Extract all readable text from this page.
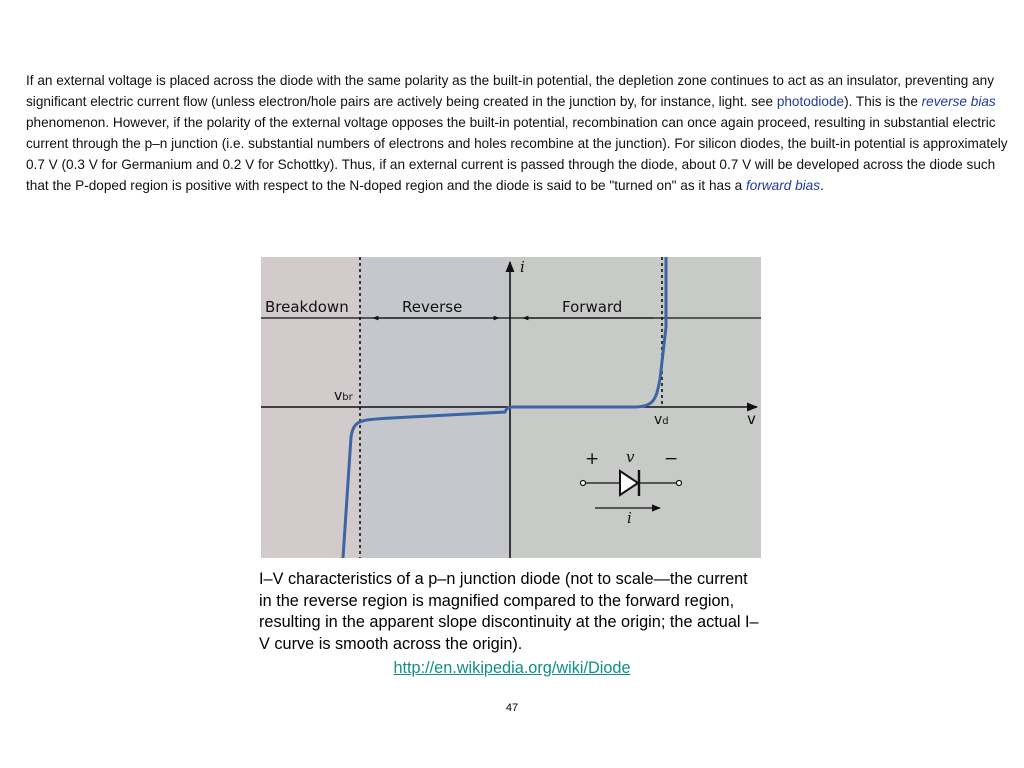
If an external voltage is placed across the diode with the same polarity as the built-in potential, the depletion zone continues to act as an insulator, preventing any significant electric current flow (unless electron/hole pairs are actively being created in the junction by, for instance, light. see photodiode). This is the reverse bias phenomenon. However, if the polarity of the external voltage opposes the built-in potential, recombination can once again proceed, resulting in substantial electric current through the p–n junction (i.e. substantial numbers of electrons and holes recombine at the junction). For silicon diodes, the built-in potential is approximately 0.7 V (0.3 V for Germanium and 0.2 V for Schottky). Thus, if an external current is passed through the diode, about 0.7 V will be developed across the diode such that the P-doped region is positive with respect to the N-doped region and the diode is said to be "turned on" as it has a forward bias.

Breakdown	Reverse	Forward
i
v
vbr
vd
+	−
v
i

I–V characteristics of a p–n junction diode (not to scale—the current in the reverse region is magnified compared to the forward region, resulting in the apparent slope discontinuity at the origin; the actual I–V curve is smooth across the origin).

http://en.wikipedia.org/wiki/Diode
47
